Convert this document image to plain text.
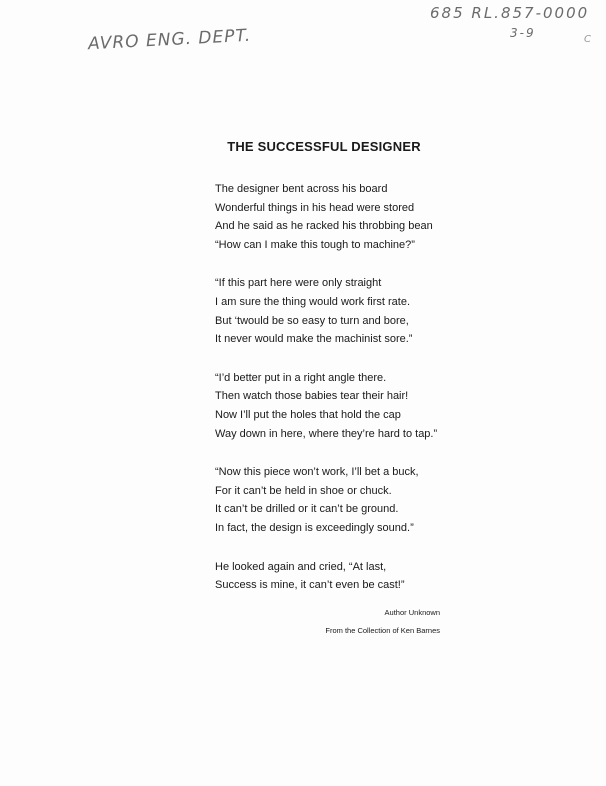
AVRO ENG. DEPT.
685 RL.857-0000
3-9	C
THE SUCCESSFUL DESIGNER
The designer bent across his board
Wonderful things in his head were stored
And he said as he racked his throbbing bean
“How can I make this tough to machine?”
“If this part here were only straight
I am sure the thing would work first rate.
But ‘twould be so easy to turn and bore,
It never would make the machinist sore.”
“I’d better put in a right angle there.
Then watch those babies tear their hair!
Now I’ll put the holes that hold the cap
Way down in here, where they’re hard to tap.”
“Now this piece won’t work, I’ll bet a buck,
For it can’t be held in shoe or chuck.
It can’t be drilled or it can’t be ground.
In fact, the design is exceedingly sound.”
He looked again and cried, “At last,
Success is mine, it can’t even be cast!”
Author Unknown
From the Collection of Ken Barnes
